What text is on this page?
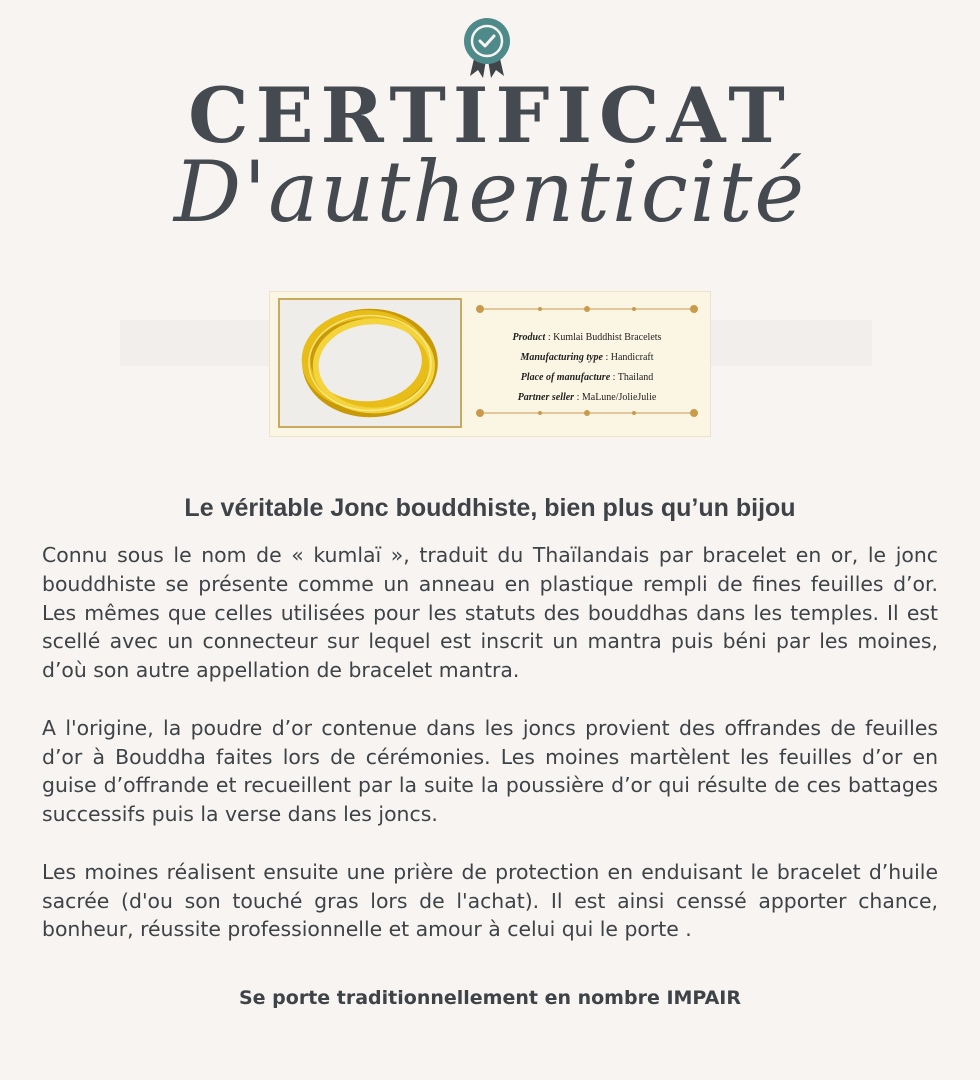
CERTIFICAT
D'authenticité
Product : Kumlai Buddhist Bracelets
Manufacturing type : Handicraft
Place of manufacture : Thailand
Partner seller : MaLune/JolieJulie
Le véritable Jonc bouddhiste, bien plus qu’un bijou

Connu sous le nom de « kumlaï », traduit du Thaïlandais par bracelet en or, le jonc bouddhiste se présente comme un anneau en plastique rempli de fines feuilles d’or. Les mêmes que celles utilisées pour les statuts des bouddhas dans les temples. Il est scellé avec un connecteur sur lequel est inscrit un mantra puis béni par les moines, d’où son autre appellation de bracelet mantra.

A l'origine, la poudre d’or contenue dans les joncs provient des offrandes de feuilles d’or à Bouddha faites lors de cérémonies. Les moines martèlent les feuilles d’or en guise d’offrande et recueillent par la suite la poussière d’or qui résulte de ces battages successifs puis la verse dans les joncs.

Les moines réalisent ensuite une prière de protection en enduisant le bracelet d’huile sacrée (d'ou son touché gras lors de l'achat). Il est ainsi censsé apporter chance, bonheur, réussite professionnelle et amour à celui qui le porte .

Se porte traditionnellement en nombre IMPAIR
